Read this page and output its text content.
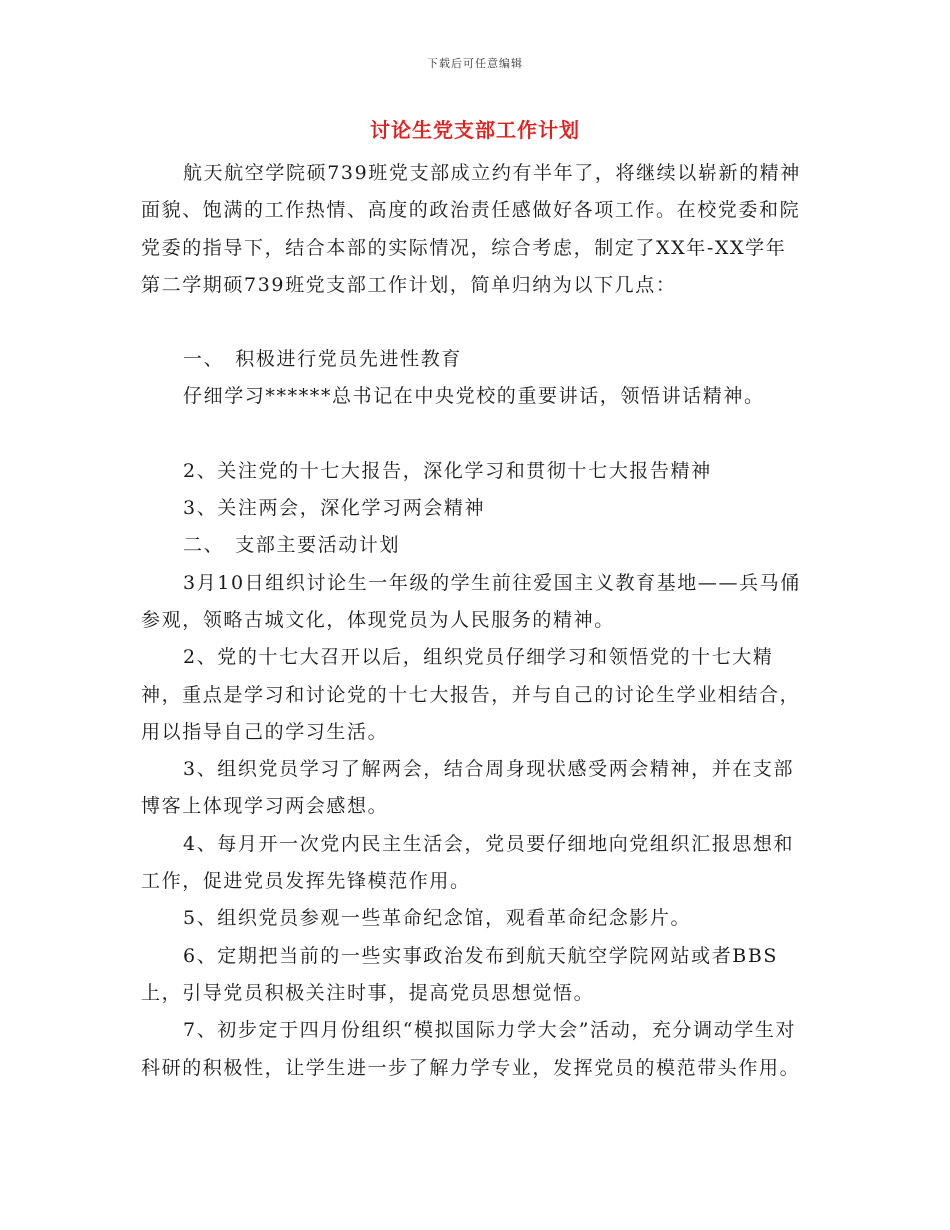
下载后可任意编辑
讨论生党支部工作计划

航天航空学院硕739班党支部成立约有半年了，将继续以崭新的精神面貌、饱满的工作热情、高度的政治责任感做好各项工作。在校党委和院党委的指导下，结合本部的实际情况，综合考虑，制定了XX年-XX学年第二学期硕739班党支部工作计划，简单归纳为以下几点：

一、　积极进行党员先进性教育

仔细学习******总书记在中央党校的重要讲话，领悟讲话精神。

2、关注党的十七大报告，深化学习和贯彻十七大报告精神

3、关注两会，深化学习两会精神

二、　支部主要活动计划

3月10日组织讨论生一年级的学生前往爱国主义教育基地——兵马俑参观，领略古城文化，体现党员为人民服务的精神。

2、党的十七大召开以后，组织党员仔细学习和领悟党的十七大精神，重点是学习和讨论党的十七大报告，并与自己的讨论生学业相结合，用以指导自己的学习生活。

3、组织党员学习了解两会，结合周身现状感受两会精神，并在支部博客上体现学习两会感想。

4、每月开一次党内民主生活会，党员要仔细地向党组织汇报思想和工作，促进党员发挥先锋模范作用。

5、组织党员参观一些革命纪念馆，观看革命纪念影片。

6、定期把当前的一些实事政治发布到航天航空学院网站或者BBS上，引导党员积极关注时事，提高党员思想觉悟。

7、初步定于四月份组织“模拟国际力学大会”活动，充分调动学生对科研的积极性，让学生进一步了解力学专业，发挥党员的模范带头作用。
